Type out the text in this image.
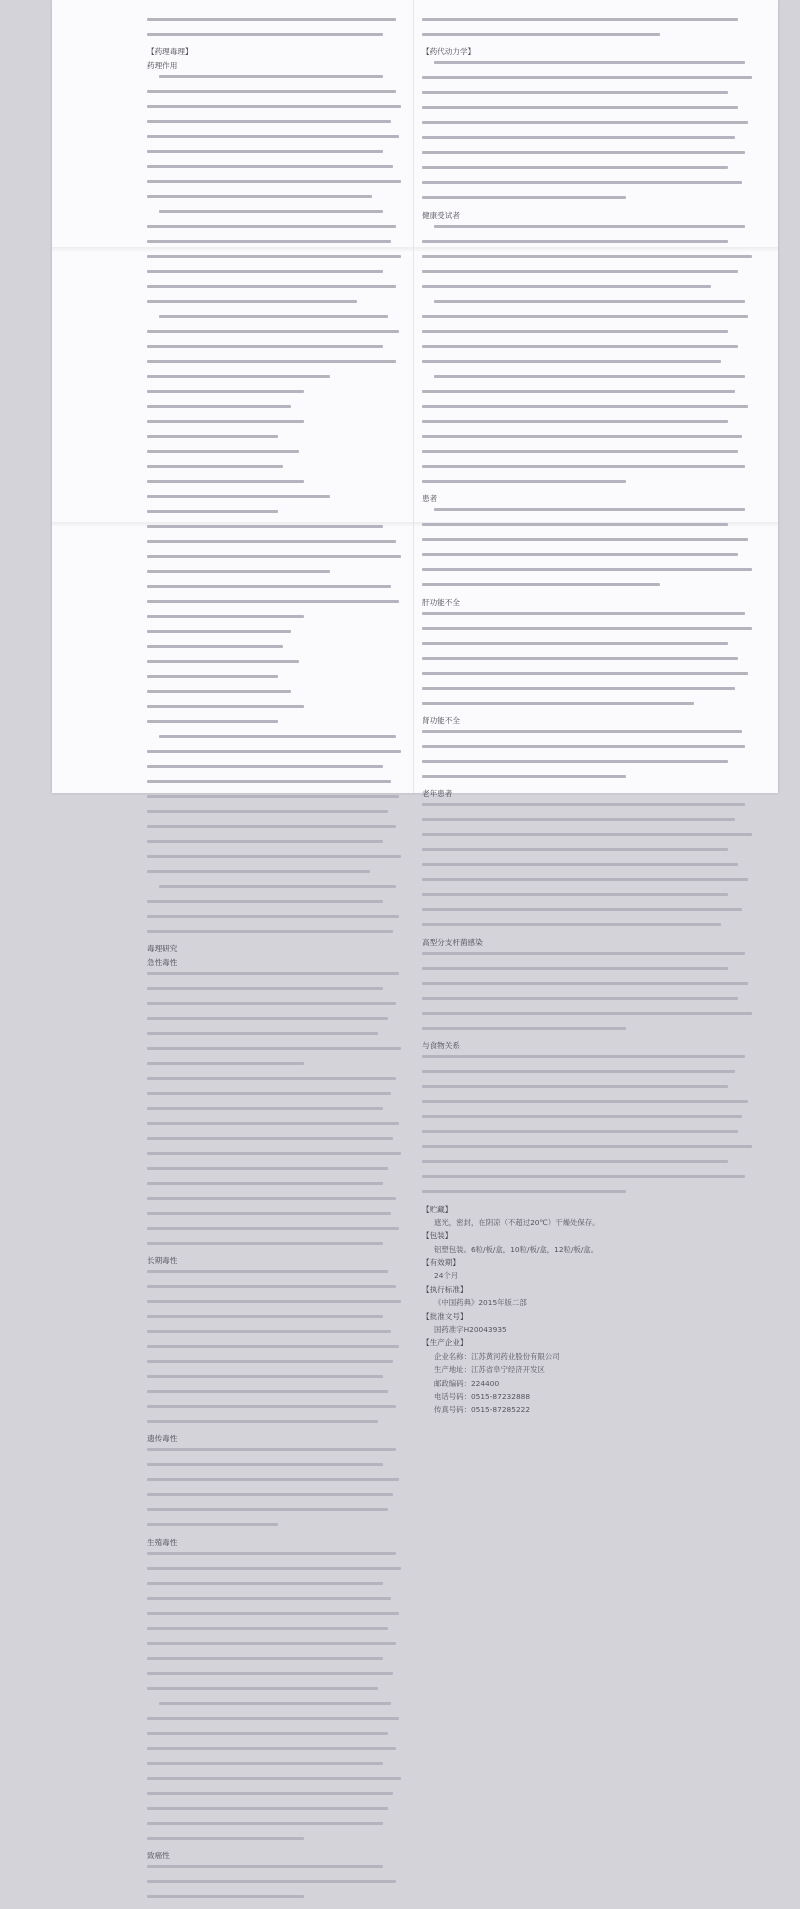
【药理毒理】
药理作用
毒理研究
急性毒性
长期毒性
遗传毒性
生殖毒性
致癌性
【药代动力学】
健康受试者
患者
肝功能不全
肾功能不全
老年患者
高型分支杆菌感染
与食物关系
【贮藏】
遮光，密封，在阴凉（不超过20℃）干燥处保存。
【包装】
铝塑包装。6粒/板/盒，10粒/板/盒，12粒/板/盒。
【有效期】
24个月
【执行标准】
《中国药典》2015年版二部
【批准文号】
国药准字H20043935
【生产企业】
企业名称：江苏黄河药业股份有限公司
生产地址：江苏省阜宁经济开发区
邮政编码：224400
电话号码：0515-87232888
传真号码：0515-87285222
